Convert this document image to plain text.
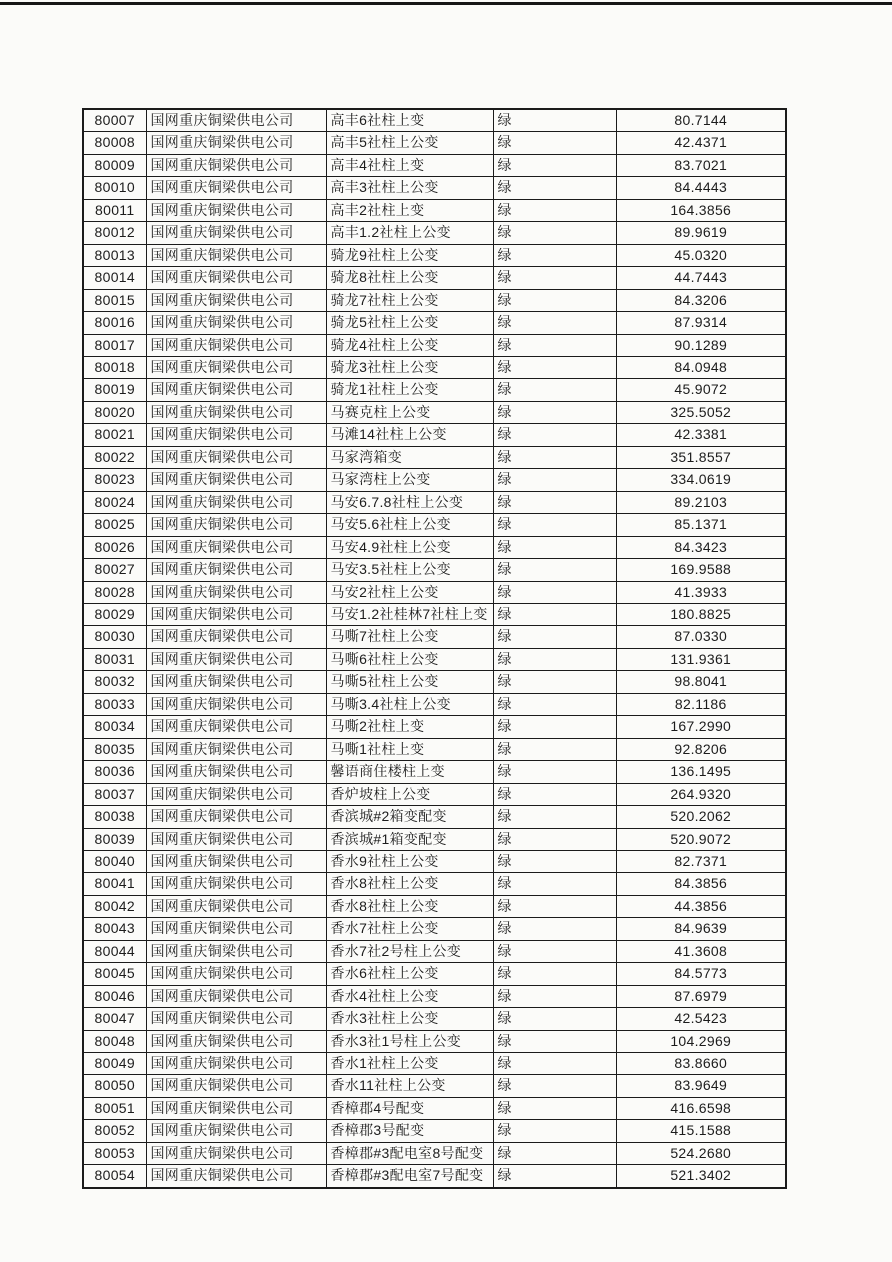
80007	国网重庆铜梁供电公司	高丰6社柱上变	绿	80.7144
80008	国网重庆铜梁供电公司	高丰5社柱上公变	绿	42.4371
80009	国网重庆铜梁供电公司	高丰4社柱上变	绿	83.7021
80010	国网重庆铜梁供电公司	高丰3社柱上公变	绿	84.4443
80011	国网重庆铜梁供电公司	高丰2社柱上变	绿	164.3856
80012	国网重庆铜梁供电公司	高丰1.2社柱上公变	绿	89.9619
80013	国网重庆铜梁供电公司	骑龙9社柱上公变	绿	45.0320
80014	国网重庆铜梁供电公司	骑龙8社柱上公变	绿	44.7443
80015	国网重庆铜梁供电公司	骑龙7社柱上公变	绿	84.3206
80016	国网重庆铜梁供电公司	骑龙5社柱上公变	绿	87.9314
80017	国网重庆铜梁供电公司	骑龙4社柱上公变	绿	90.1289
80018	国网重庆铜梁供电公司	骑龙3社柱上公变	绿	84.0948
80019	国网重庆铜梁供电公司	骑龙1社柱上公变	绿	45.9072
80020	国网重庆铜梁供电公司	马赛克柱上公变	绿	325.5052
80021	国网重庆铜梁供电公司	马滩14社柱上公变	绿	42.3381
80022	国网重庆铜梁供电公司	马家湾箱变	绿	351.8557
80023	国网重庆铜梁供电公司	马家湾柱上公变	绿	334.0619
80024	国网重庆铜梁供电公司	马安6.7.8社柱上公变	绿	89.2103
80025	国网重庆铜梁供电公司	马安5.6社柱上公变	绿	85.1371
80026	国网重庆铜梁供电公司	马安4.9社柱上公变	绿	84.3423
80027	国网重庆铜梁供电公司	马安3.5社柱上公变	绿	169.9588
80028	国网重庆铜梁供电公司	马安2社柱上公变	绿	41.3933
80029	国网重庆铜梁供电公司	马安1.2社桂林7社柱上变	绿	180.8825
80030	国网重庆铜梁供电公司	马嘶7社柱上公变	绿	87.0330
80031	国网重庆铜梁供电公司	马嘶6社柱上公变	绿	131.9361
80032	国网重庆铜梁供电公司	马嘶5社柱上公变	绿	98.8041
80033	国网重庆铜梁供电公司	马嘶3.4社柱上公变	绿	82.1186
80034	国网重庆铜梁供电公司	马嘶2社柱上变	绿	167.2990
80035	国网重庆铜梁供电公司	马嘶1社柱上变	绿	92.8206
80036	国网重庆铜梁供电公司	馨语商住楼柱上变	绿	136.1495
80037	国网重庆铜梁供电公司	香炉坡柱上公变	绿	264.9320
80038	国网重庆铜梁供电公司	香滨城#2箱变配变	绿	520.2062
80039	国网重庆铜梁供电公司	香滨城#1箱变配变	绿	520.9072
80040	国网重庆铜梁供电公司	香水9社柱上公变	绿	82.7371
80041	国网重庆铜梁供电公司	香水8社柱上公变	绿	84.3856
80042	国网重庆铜梁供电公司	香水8社柱上公变	绿	44.3856
80043	国网重庆铜梁供电公司	香水7社柱上公变	绿	84.9639
80044	国网重庆铜梁供电公司	香水7社2号柱上公变	绿	41.3608
80045	国网重庆铜梁供电公司	香水6社柱上公变	绿	84.5773
80046	国网重庆铜梁供电公司	香水4社柱上公变	绿	87.6979
80047	国网重庆铜梁供电公司	香水3社柱上公变	绿	42.5423
80048	国网重庆铜梁供电公司	香水3社1号柱上公变	绿	104.2969
80049	国网重庆铜梁供电公司	香水1社柱上公变	绿	83.8660
80050	国网重庆铜梁供电公司	香水11社柱上公变	绿	83.9649
80051	国网重庆铜梁供电公司	香樟郡4号配变	绿	416.6598
80052	国网重庆铜梁供电公司	香樟郡3号配变	绿	415.1588
80053	国网重庆铜梁供电公司	香樟郡#3配电室8号配变	绿	524.2680
80054	国网重庆铜梁供电公司	香樟郡#3配电室7号配变	绿	521.3402
